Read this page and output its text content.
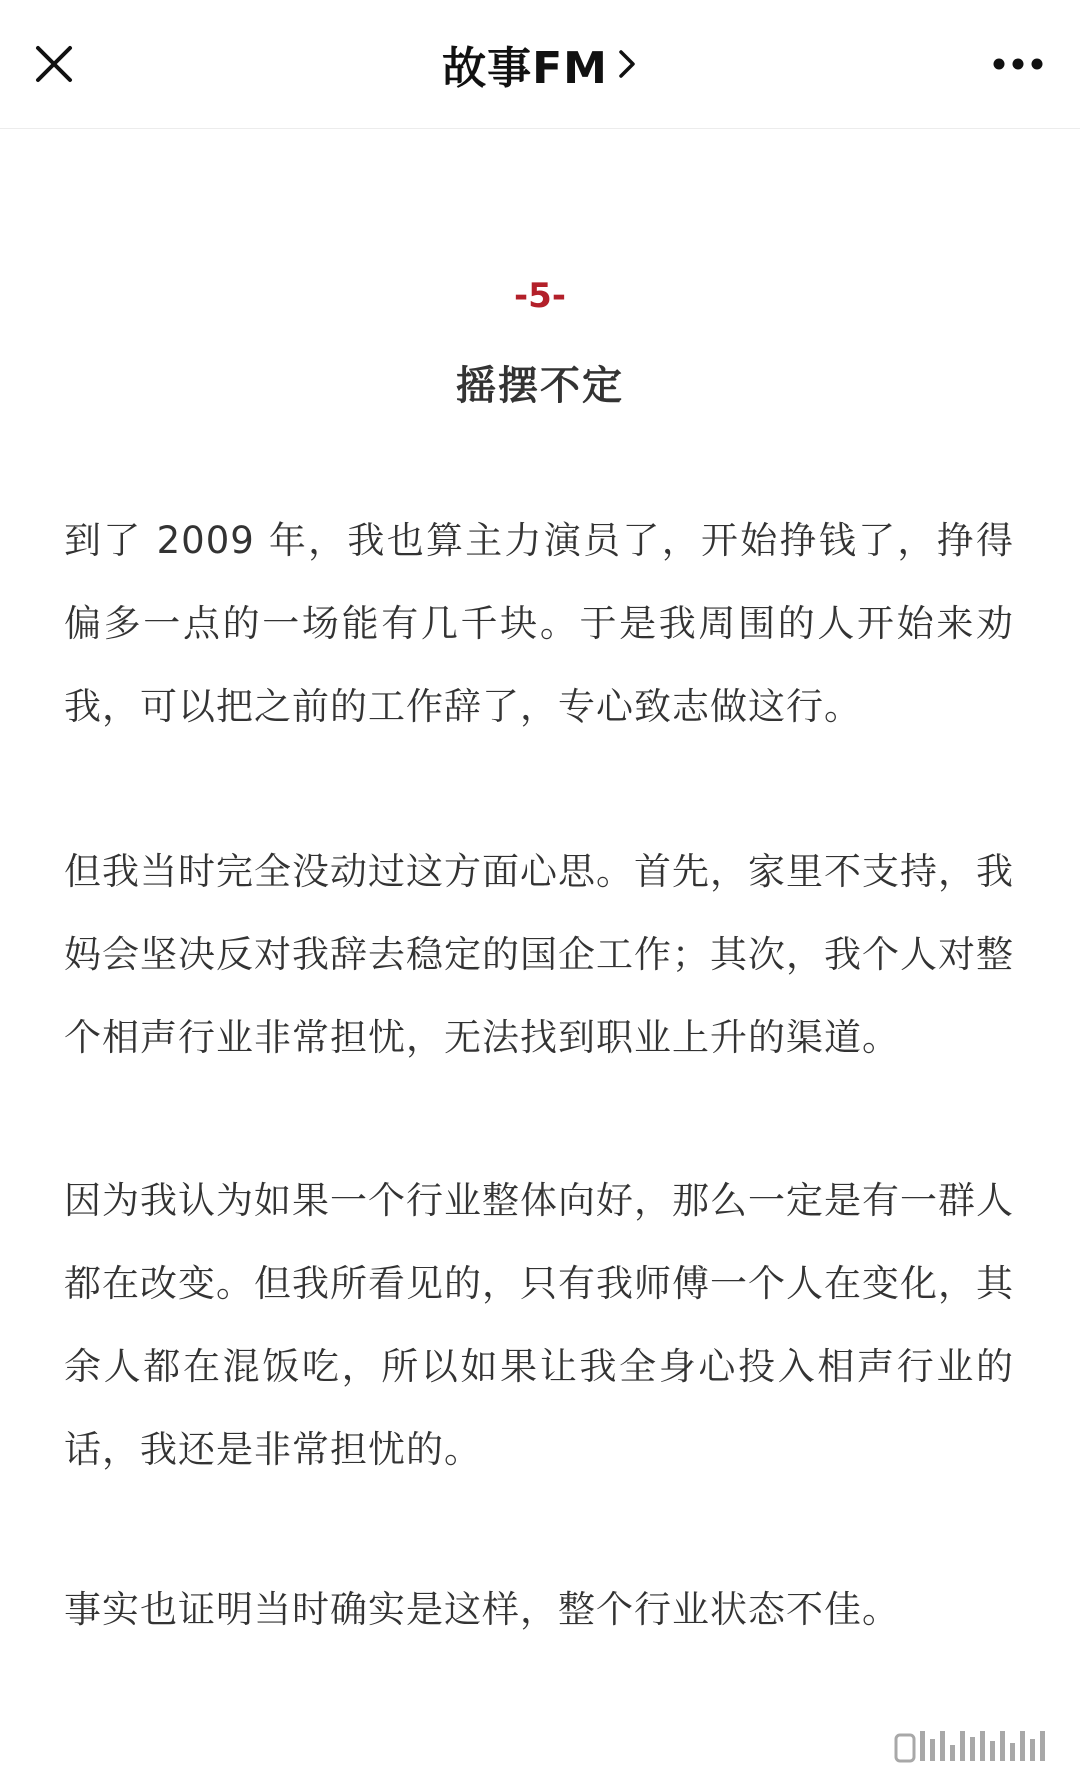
故事FM
-5-
摇摆不定

到了 2009 年，我也算主力演员了，开始挣钱了，挣得偏多一点的一场能有几千块。于是我周围的人开始来劝我，可以把之前的工作辞了，专心致志做这行。

但我当时完全没动过这方面心思。首先，家里不支持，我妈会坚决反对我辞去稳定的国企工作；其次，我个人对整个相声行业非常担忧，无法找到职业上升的渠道。

因为我认为如果一个行业整体向好，那么一定是有一群人都在改变。但我所看见的，只有我师傅一个人在变化，其余人都在混饭吃，所以如果让我全身心投入相声行业的话，我还是非常担忧的。

事实也证明当时确实是这样，整个行业状态不佳。
